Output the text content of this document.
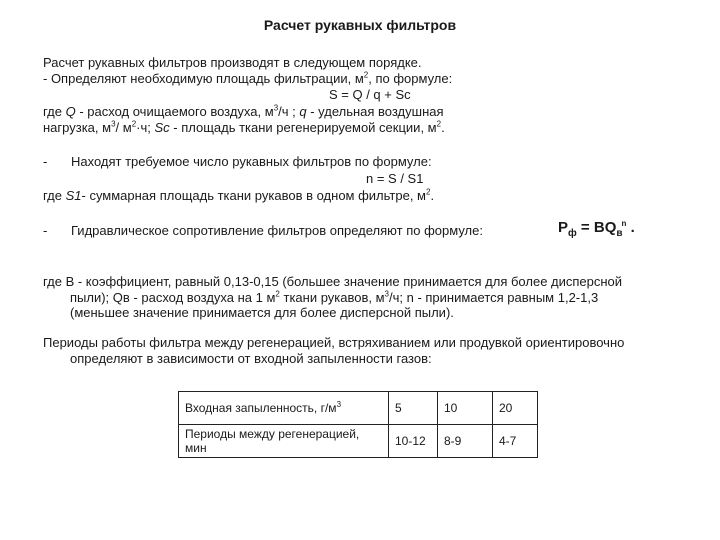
Расчет рукавных фильтров
Расчет рукавных фильтров производят в следующем порядке.
- Определяют необходимую площадь фильтрации, $м^2$, по формуле:
S = Q / q + Sс
где Q - расход очищаемого воздуха, $м^3/ч$ ; q - удельная воздушная
нагрузка, $м^3/$ $м^2\cdot ч$; Sc - площадь ткани регенерируемой секции, $м^2$.
- Находят требуемое число рукавных фильтров по формуле:
n = S / S1
где S1- суммарная площадь ткани рукавов в одном фильтре, $м^2$.
- Гидравлическое сопротивление фильтров определяют по формуле:	$P_ф = BQ_в^n$ .
где В - коэффициент, равный 0,13-0,15 (большее значение принимается для более дисперсной
пыли); Qв - расход воздуха на 1 $м^2$ ткани рукавов, $м^3/ч$; n - принимается равным 1,2-1,3
(меньшее значение принимается для более дисперсной пыли).
Периоды работы фильтра между регенерацией, встряхиванием или продувкой ориентировочно
определяют в зависимости от входной запыленности газов:
Входная запыленность, $г/м^3$	5	10	20
Периоды между регенерацией, мин	10-12	8-9	4-7
